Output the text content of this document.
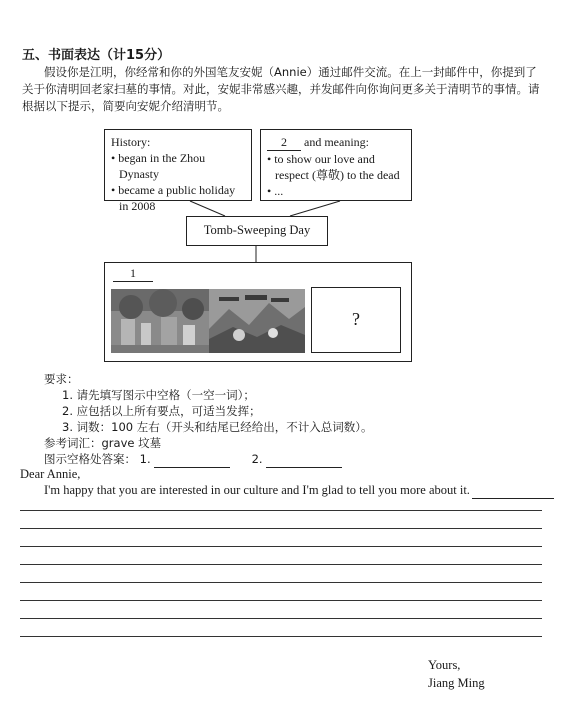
五、书面表达（计15分）
假设你是江明，你经常和你的外国笔友安妮（Annie）通过邮件交流。在上一封邮件中，你提到了关于你清明回老家扫墓的事情。对此，安妮非常感兴趣，并发邮件向你询问更多关于清明节的事情。请根据以下提示，简要向安妮介绍清明节。
History:
• began in the Zhou Dynasty
• became a public holiday in 2008
2 and meaning:
• to show our love and respect (尊敬) to the dead
• ...
Tomb-Sweeping Day
1
?
要求：
1. 请先填写图示中空格（一空一词）；
2. 应包括以上所有要点，可适当发挥；
3. 词数：100 左右（开头和结尾已经给出，不计入总词数）。
参考词汇：grave 坟墓
图示空格处答案： 1.	2.
Dear Annie,
I'm happy that you are interested in our culture and I'm glad to tell you more about it.
Yours,
Jiang Ming
